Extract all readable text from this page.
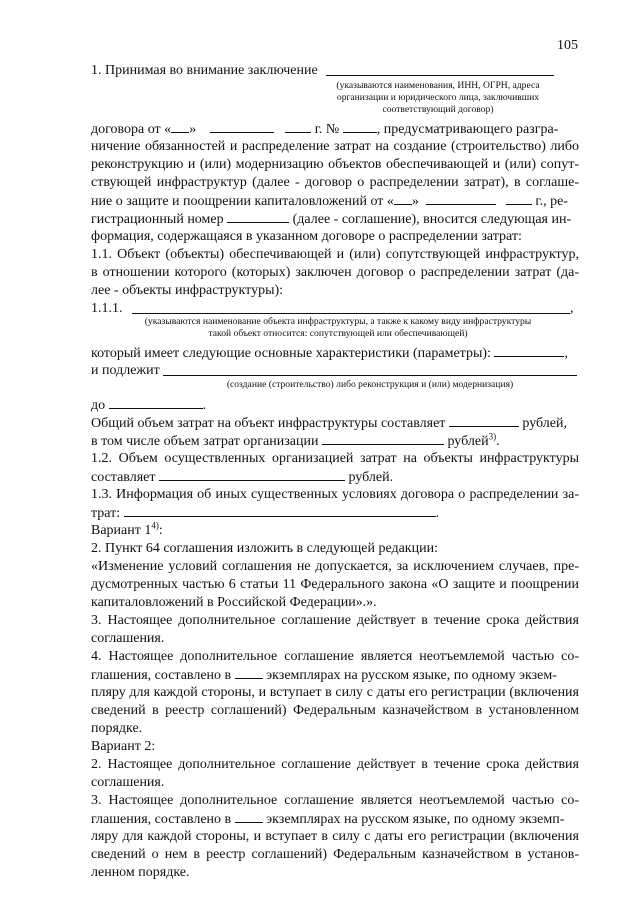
105
1. Принимая во внимание заключение
(указываются наименования, ИНН, ОГРН, адреса
организации и юридического лица, заключивших
соответствующий договор)
договора от « »	г. №	, предусматривающего разгра-
ничение обязанностей и распределение затрат на создание (строительство) либо
реконструкцию и (или) модернизацию объектов обеспечивающей и (или) сопут-
ствующей инфраструктур (далее - договор о распределении затрат), в соглаше-
ние о защите и поощрении капиталовложений от « »	г., ре-
гистрационный номер	(далее - соглашение), вносится следующая ин-
формация, содержащаяся в указанном договоре о распределении затрат:
1.1. Объект (объекты) обеспечивающей и (или) сопутствующей инфраструктур,
в отношении которого (которых) заключен договор о распределении затрат (да-
лее - объекты инфраструктуры):
1.1.1.	,
(указываются наименование объекта инфраструктуры, а также к какому виду инфраструктуры
такой объект относится: сопутствующей или обеспечивающей)
который имеет следующие основные характеристики (параметры):	,
и подлежит
(создание (строительство) либо реконструкция и (или) модернизация)
до	.
Общий объем затрат на объект инфраструктуры составляет	рублей,
в том числе объем затрат организации	рублей$^{3)}$.
1.2. Объем осуществленных организацией затрат на объекты инфраструктуры
составляет	рублей.
1.3. Информация об иных существенных условиях договора о распределении за-
трат:	.
Вариант 1$^{4)}$:
2. Пункт 64 соглашения изложить в следующей редакции:
«Изменение условий соглашения не допускается, за исключением случаев, пре-
дусмотренных частью 6 статьи 11 Федерального закона «О защите и поощрении
капиталовложений в Российской Федерации».».
3. Настоящее дополнительное соглашение действует в течение срока действия
соглашения.
4. Настоящее дополнительное соглашение является неотъемлемой частью со-
глашения, составлено в	экземплярах на русском языке, по одному экзем-
пляру для каждой стороны, и вступает в силу с даты его регистрации (включения
сведений в реестр соглашений) Федеральным казначейством в установленном
порядке.
Вариант 2:
2. Настоящее дополнительное соглашение действует в течение срока действия
соглашения.
3. Настоящее дополнительное соглашение является неотъемлемой частью со-
глашения, составлено в	экземпляpах на русском языке, по одному экземп-
ляру для каждой стороны, и вступает в силу с даты его регистрации (включения
сведений о нем в реестр соглашений) Федеральным казначейством в установ-
ленном порядке.
